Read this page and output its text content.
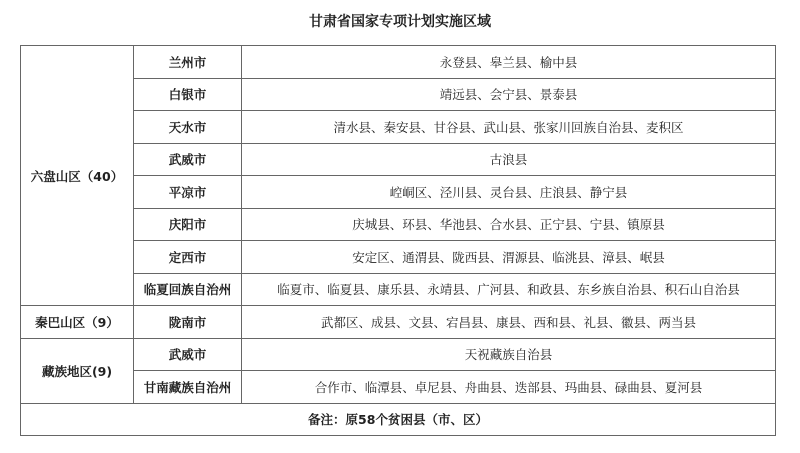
甘肃省国家专项计划实施区域
六盘山区（40）	兰州市	永登县、皋兰县、榆中县
	白银市	靖远县、会宁县、景泰县
	天水市	清水县、秦安县、甘谷县、武山县、张家川回族自治县、麦积区
	武威市	古浪县
	平凉市	崆峒区、泾川县、灵台县、庄浪县、静宁县
	庆阳市	庆城县、环县、华池县、合水县、正宁县、宁县、镇原县
	定西市	安定区、通渭县、陇西县、渭源县、临洮县、漳县、岷县
	临夏回族自治州	临夏市、临夏县、康乐县、永靖县、广河县、和政县、东乡族自治县、积石山自治县
秦巴山区（9）	陇南市	武都区、成县、文县、宕昌县、康县、西和县、礼县、徽县、两当县
藏族地区(9)	武威市	天祝藏族自治县
	甘南藏族自治州	合作市、临潭县、卓尼县、舟曲县、迭部县、玛曲县、碌曲县、夏河县
备注：原58个贫困县（市、区）		
